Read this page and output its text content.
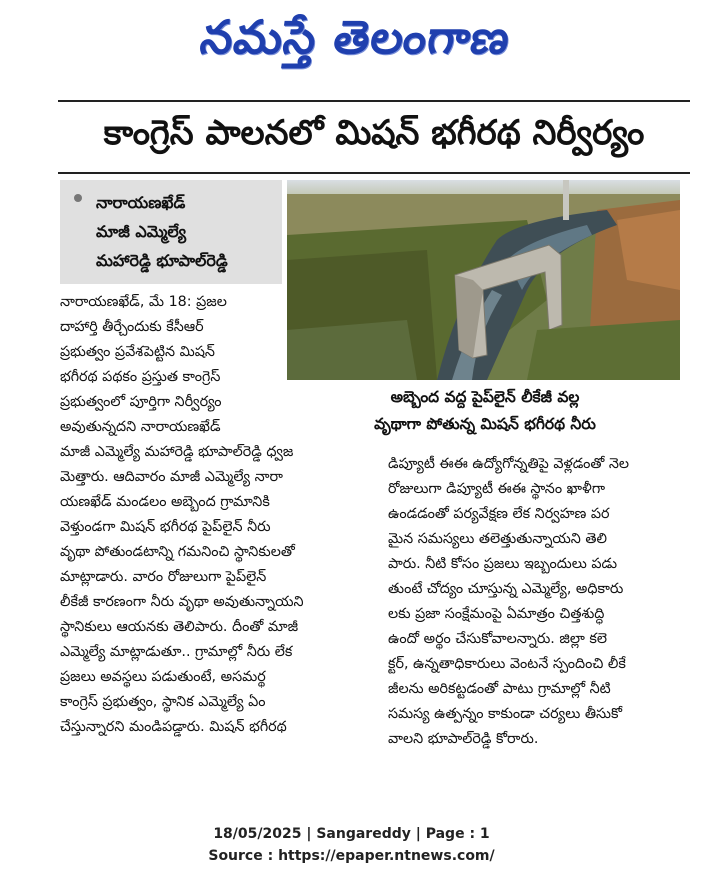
నమస్తే తెలంగాణ
కాంగ్రెస్ పాలనలో మిషన్ భగీరథ నిర్వీర్యం
నారాయణఖేడ్
మాజీ ఎమ్మెల్యే
మహారెడ్డి భూపాల్‌రెడ్డి
అబ్బెంద వద్ద పైప్‌లైన్ లీకేజీ వల్ల
వృథాగా పోతున్న మిషన్ భగీరథ నీరు
నారాయణఖేడ్, మే 18: ప్రజల
దాహార్తి తీర్చేందుకు కేసీఆర్
ప్రభుత్వం ప్రవేశపెట్టిన మిషన్
భగీరథ పథకం ప్రస్తుత కాంగ్రెస్
ప్రభుత్వంలో పూర్తిగా నిర్వీర్యం
అవుతున్నదని నారాయణఖేడ్
మాజీ ఎమ్మెల్యే మహారెడ్డి భూపాల్‌రెడ్డి ధ్వజ
మెత్తారు. ఆదివారం మాజీ ఎమ్మెల్యే నారా
యణఖేడ్ మండలం అబ్బెంద గ్రామానికి
వెళ్తుండగా మిషన్ భగీరథ పైప్‌లైన్ నీరు
వృథా పోతుండటాన్ని గమనించి స్థానికులతో
మాట్లాడారు. వారం రోజులుగా పైప్‌లైన్
లీకేజీ కారణంగా నీరు వృథా అవుతున్నాయని
స్థానికులు ఆయనకు తెలిపారు. దీంతో మాజీ
ఎమ్మెల్యే మాట్లాడుతూ.. గ్రామాల్లో నీరు లేక
ప్రజలు అవస్థలు పడుతుంటే, అసమర్థ
కాంగ్రెస్ ప్రభుత్వం, స్థానిక ఎమ్మెల్యే ఏం
చేస్తున్నారని మండిపడ్డారు. మిషన్ భగీరథ
డిప్యూటీ ఈఈ ఉద్యోగోన్నతిపై వెళ్లడంతో నెల
రోజులుగా డిప్యూటీ ఈఈ స్థానం ఖాళీగా
ఉండడంతో పర్యవేక్షణ లేక నిర్వహణ పర
మైన సమస్యలు తలెత్తుతున్నాయని తెలి
పారు. నీటి కోసం ప్రజలు ఇబ్బందులు పడు
తుంటే చోద్యం చూస్తున్న ఎమ్మెల్యే, అధికారు
లకు ప్రజా సంక్షేమంపై ఏమాత్రం చిత్తశుద్ధి
ఉందో అర్థం చేసుకోవాలన్నారు. జిల్లా కలె
క్టర్, ఉన్నతాధికారులు వెంటనే స్పందించి లీకే
జీలను అరికట్టడంతో పాటు గ్రామాల్లో నీటి
సమస్య ఉత్పన్నం కాకుండా చర్యలు తీసుకో
వాలని భూపాల్‌రెడ్డి కోరారు.
18/05/2025 | Sangareddy | Page : 1
Source : https://epaper.ntnews.com/
